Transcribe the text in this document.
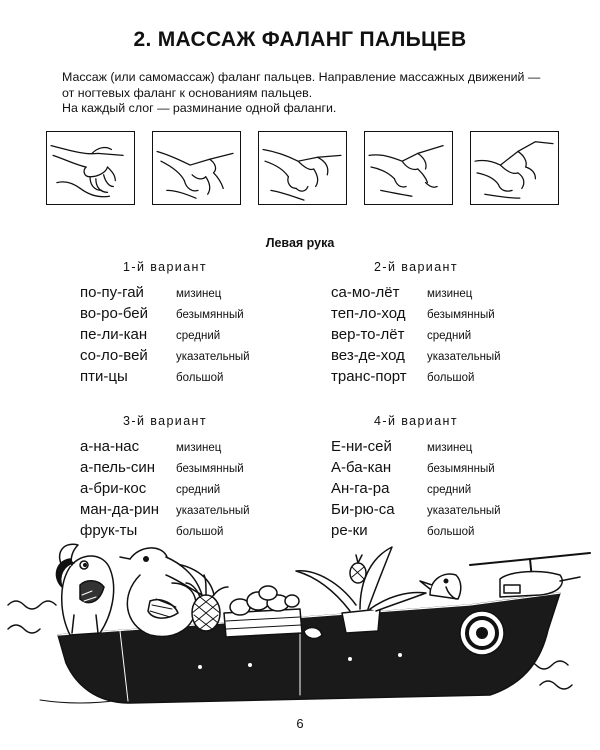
2. МАССАЖ ФАЛАНГ ПАЛЬЦЕВ

Массаж (или самомассаж) фаланг пальцев. Направление массажных движений —

от ногтевых фаланг к основаниям пальцев.

На каждый слог — разминание одной фаланги.

Левая рука
1-й вариант
по-пу-гай	мизинец
во-ро-бей безымянный
пе-ли-кан	средний
со-ло-вей указательный
пти-цы	большой
2-й вариант
са-мо-лёт мизинец
теп-ло-ход безымянный
вер-то-лёт средний
вез-де-ход указательный
транс-порт большой
3-й вариант
а-на-нас	мизинец
а-пель-син безымянный
а-бри-кос	средний
ман-да-рин указательный
фрук-ты	большой
4-й вариант
Е-ни-сей	мизинец
А-ба-кан	безымянный
Ан-га-ра	средний
Би-рю-са	указательный
ре-ки	большой
6
